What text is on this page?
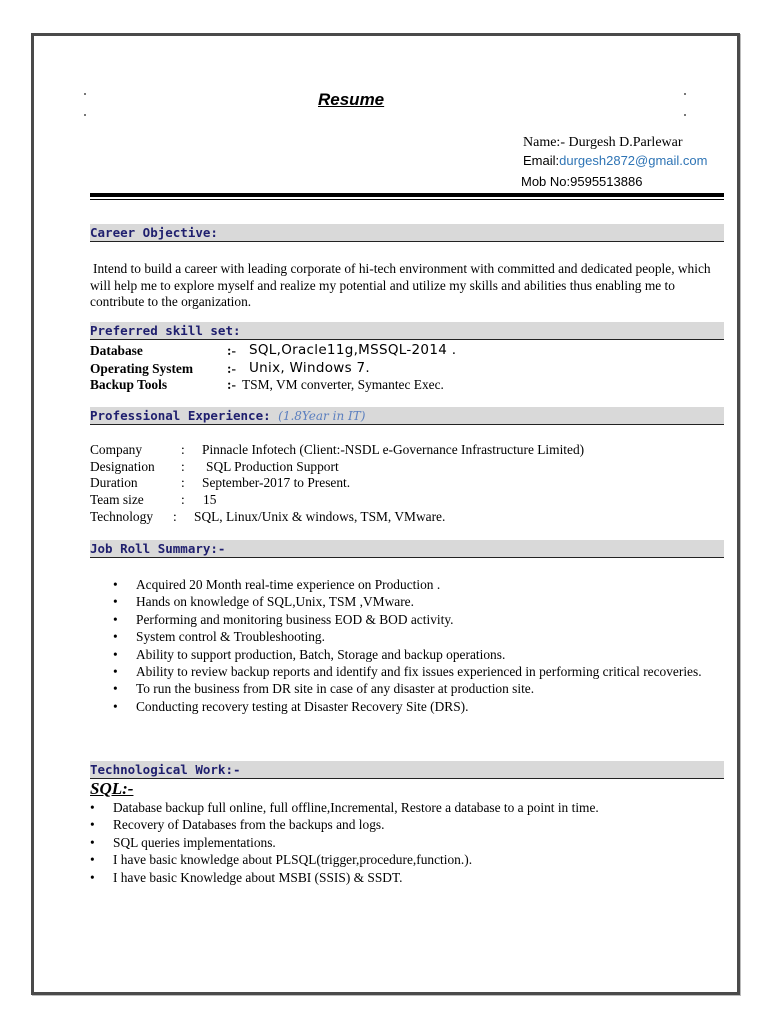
Resume
Name:- Durgesh D.Parlewar
Email:durgesh2872@gmail.com
Mob No:9595513886
Career Objective:
Intend to build a career with leading corporate of hi-tech environment with committed and dedicated people, which will help me to explore myself and realize my potential and utilize my skills and abilities thus enabling me to contribute to the organization.
Preferred skill set:
Database	:- SQL,Oracle11g,MSSQL-2014 .
Operating System	:- Unix, Windows 7.
Backup Tools	:- TSM, VM converter, Symantec Exec.
Professional Experience: (1.8Year in IT)
Company	: Pinnacle Infotech (Client:-NSDL e-Governance Infrastructure Limited)
Designation : SQL Production Support
Duration	: September-2017 to Present.
Team size	: 15
Technology : SQL, Linux/Unix & windows, TSM, VMware.
Job Roll Summary:-
• Acquired 20 Month real-time experience on Production .
• Hands on knowledge of SQL,Unix, TSM ,VMware.
• Performing and monitoring business EOD & BOD activity.
• System control & Troubleshooting.
• Ability to support production, Batch, Storage and backup operations.
• Ability to review backup reports and identify and fix issues experienced in performing critical recoveries.
• To run the business from DR site in case of any disaster at production site.
• Conducting recovery testing at Disaster Recovery Site (DRS).
Technological Work:-
SQL:-
• Database backup full online, full offline,Incremental, Restore a database to a point in time.
• Recovery of Databases from the backups and logs.
• SQL queries implementations.
• I have basic knowledge about PLSQL(trigger,procedure,function.).
• I have basic Knowledge about MSBI (SSIS) & SSDT.
